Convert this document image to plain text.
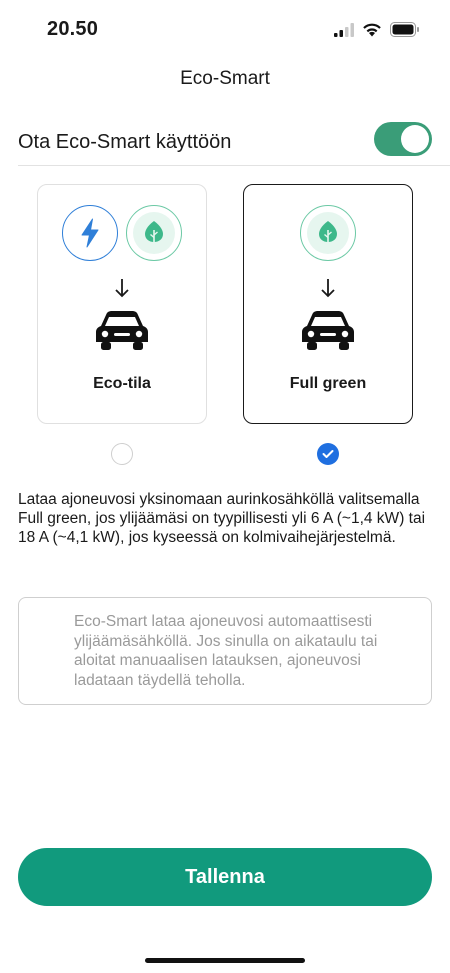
20.50
Eco-Smart
Ota Eco-Smart käyttöön
Eco-tila	Full green

Lataa ajoneuvosi yksinomaan aurinkosähköllä valitsemalla Full green, jos ylijäämäsi on tyypillisesti yli 6 A (~1,4 kW) tai 18 A (~4,1 kW), jos kyseessä on kolmivaihejärjestelmä.

Eco-Smart lataa ajoneuvosi automaattisesti ylijäämäsähköllä. Jos sinulla on aikataulu tai aloitat manuaalisen latauksen, ajoneuvosi ladataan täydellä teholla.

Tallenna
